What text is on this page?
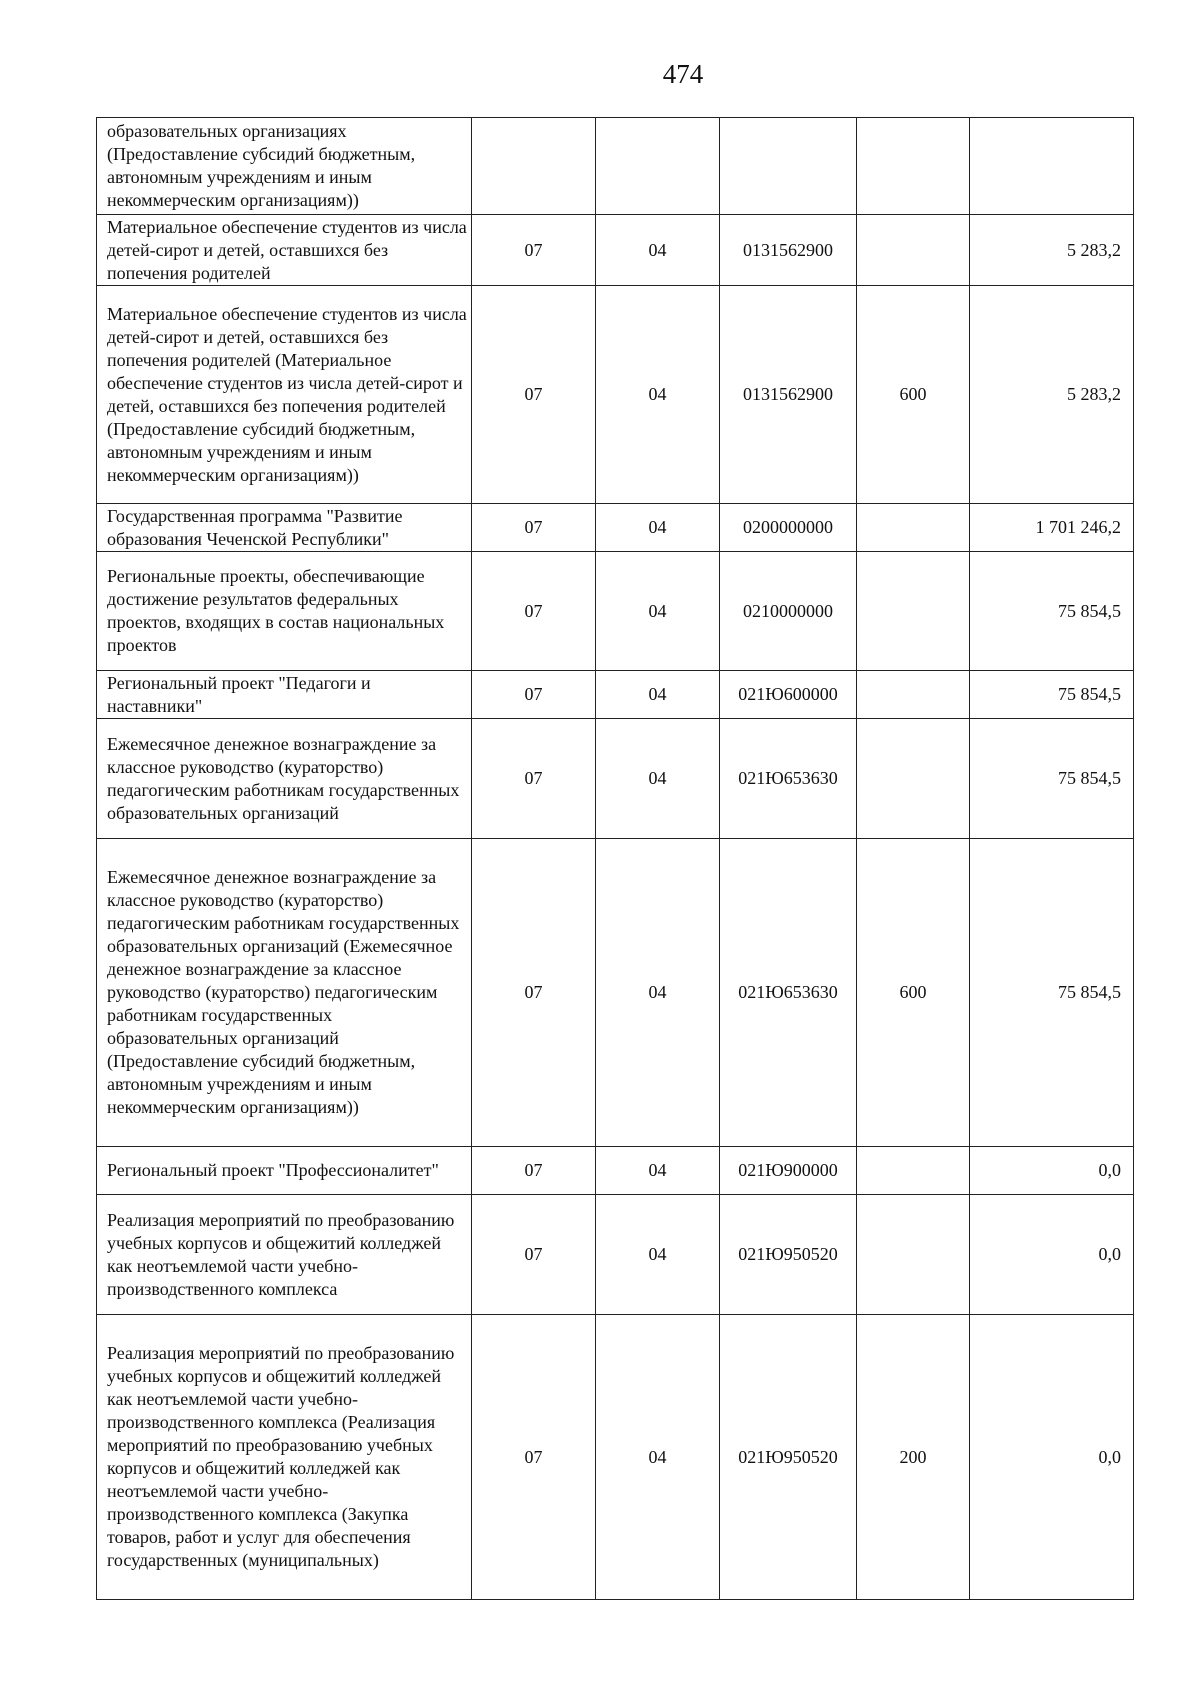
474
образовательных организациях (Предоставление субсидий бюджетным, автономным учреждениям и иным некоммерческим организациям))					
Материальное обеспечение студентов из числа детей-сирот и детей, оставшихся без попечения родителей	07	04	0131562900		5 283,2
Материальное обеспечение студентов из числа детей-сирот и детей, оставшихся без попечения родителей (Материальное обеспечение студентов из числа детей-сирот и детей, оставшихся без попечения родителей (Предоставление субсидий бюджетным, автономным учреждениям и иным некоммерческим организациям))	07	04	0131562900	600	5 283,2
Государственная программа "Развитие образования Чеченской Республики"	07	04	0200000000		1 701 246,2
Региональные проекты, обеспечивающие достижение результатов федеральных проектов, входящих в состав национальных проектов	07	04	0210000000		75 854,5
Региональный проект "Педагоги и наставники"	07	04	021Ю600000		75 854,5
Ежемесячное денежное вознаграждение за классное руководство (кураторство) педагогическим работникам государственных образовательных организаций	07	04	021Ю653630		75 854,5
Ежемесячное денежное вознаграждение за классное руководство (кураторство) педагогическим работникам государственных образовательных организаций (Ежемесячное денежное вознаграждение за классное руководство (кураторство) педагогическим работникам государственных образовательных организаций (Предоставление субсидий бюджетным, автономным учреждениям и иным некоммерческим организациям))	07	04	021Ю653630	600	75 854,5
Региональный проект "Профессионалитет"	07	04	021Ю900000		0,0
Реализация мероприятий по преобразованию учебных корпусов и общежитий колледжей как неотъемлемой части учебно-производственного комплекса	07	04	021Ю950520		0,0
Реализация мероприятий по преобразованию учебных корпусов и общежитий колледжей как неотъемлемой части учебно-производственного комплекса (Реализация мероприятий по преобразованию учебных корпусов и общежитий колледжей как неотъемлемой части учебно-производственного комплекса (Закупка товаров, работ и услуг для обеспечения государственных (муниципальных)	07	04	021Ю950520	200	0,0
